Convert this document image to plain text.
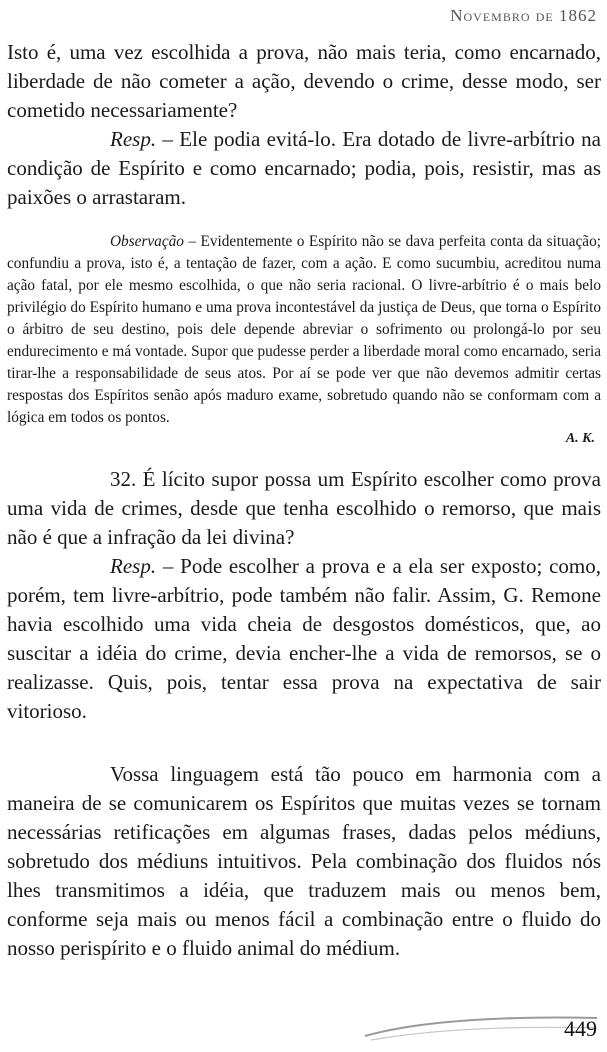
Novembro de 1862

Isto é, uma vez escolhida a prova, não mais teria, como encarnado, liberdade de não cometer a ação, devendo o crime, desse modo, ser cometido necessariamente?

Resp. – Ele podia evitá-lo. Era dotado de livre-arbítrio na condição de Espírito e como encarnado; podia, pois, resistir, mas as paixões o arrastaram.

Observação – Evidentemente o Espírito não se dava perfeita conta da situação; confundiu a prova, isto é, a tentação de fazer, com a ação. E como sucumbiu, acreditou numa ação fatal, por ele mesmo escolhida, o que não seria racional. O livre-arbítrio é o mais belo privilégio do Espírito humano e uma prova incontestável da justiça de Deus, que torna o Espírito o árbitro de seu destino, pois dele depende abreviar o sofrimento ou prolongá-lo por seu endurecimento e má vontade. Supor que pudesse perder a liberdade moral como encarnado, seria tirar-lhe a responsabilidade de seus atos. Por aí se pode ver que não devemos admitir certas respostas dos Espíritos senão após maduro exame, sobretudo quando não se conformam com a lógica em todos os pontos.

A. K.

32. É lícito supor possa um Espírito escolher como prova uma vida de crimes, desde que tenha escolhido o remorso, que mais não é que a infração da lei divina?

Resp. – Pode escolher a prova e a ela ser exposto; como, porém, tem livre-arbítrio, pode também não falir. Assim, G. Remone havia escolhido uma vida cheia de desgostos domésticos, que, ao suscitar a idéia do crime, devia encher-lhe a vida de remorsos, se o realizasse. Quis, pois, tentar essa prova na expectativa de sair vitorioso.

Vossa linguagem está tão pouco em harmonia com a maneira de se comunicarem os Espíritos que muitas vezes se tornam necessárias retificações em algumas frases, dadas pelos médiuns, sobretudo dos médiuns intuitivos. Pela combinação dos fluidos nós lhes transmitimos a idéia, que traduzem mais ou menos bem, conforme seja mais ou menos fácil a combinação entre o fluido do nosso perispírito e o fluido animal do médium.

449
